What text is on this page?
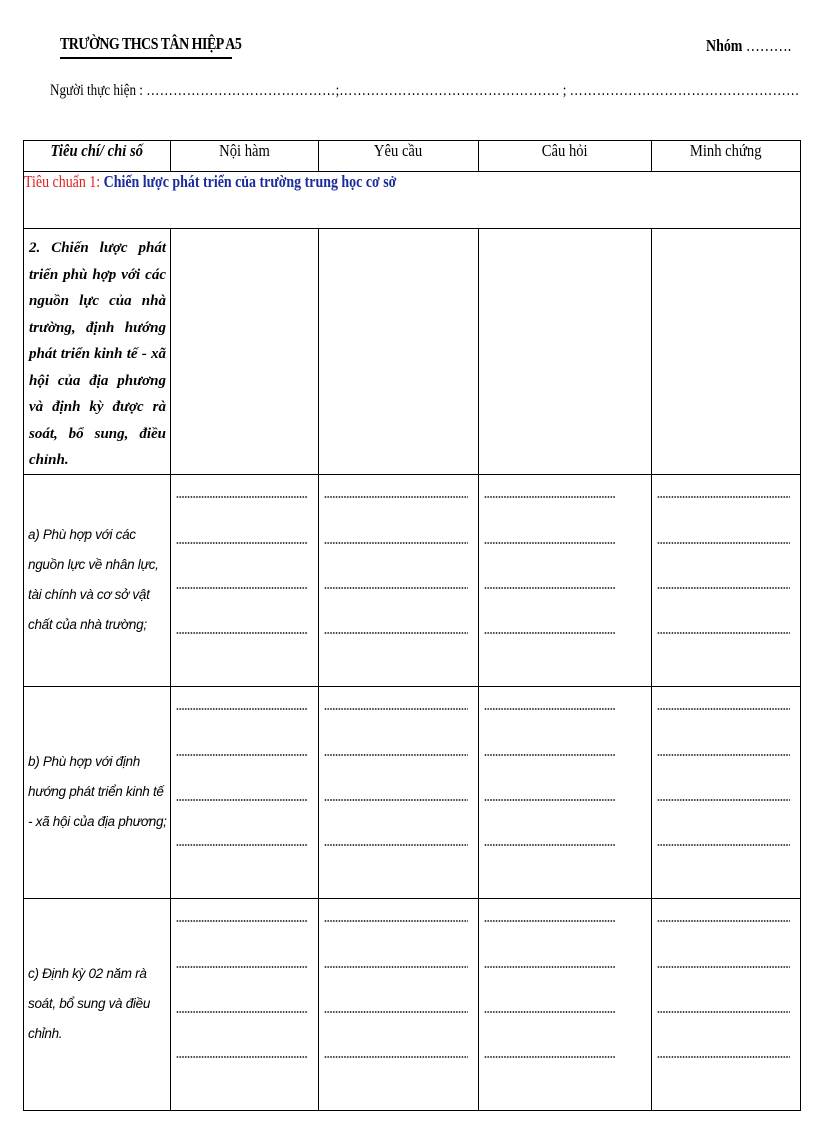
TRƯỜNG THCS TÂN HIỆP A5	Nhóm ……….
Người thực hiện : ……………………………………;…………………………………………. ; ……………………………………………
Tiêu chí/ chỉ số	Nội hàm	Yêu cầu	Câu hỏi	Minh chứng
Tiêu chuẩn 1: Chiến lược phát triển của trường trung học cơ sở				

2. Chiến lược phát triển phù hợp với các nguồn lực của nhà trường, định hướng phát triển kinh tế - xã hội của địa phương và định kỳ được rà soát, bổ sung, điều chỉnh.				

a) Phù hợp với các nguồn lực về nhân lực, tài chính và cơ sở vật chất của nhà trường;				

b) Phù hợp với định hướng phát triển kinh tế - xã hội của địa phương;				

c) Định kỳ 02 năm rà soát, bổ sung và điều chỉnh.				
